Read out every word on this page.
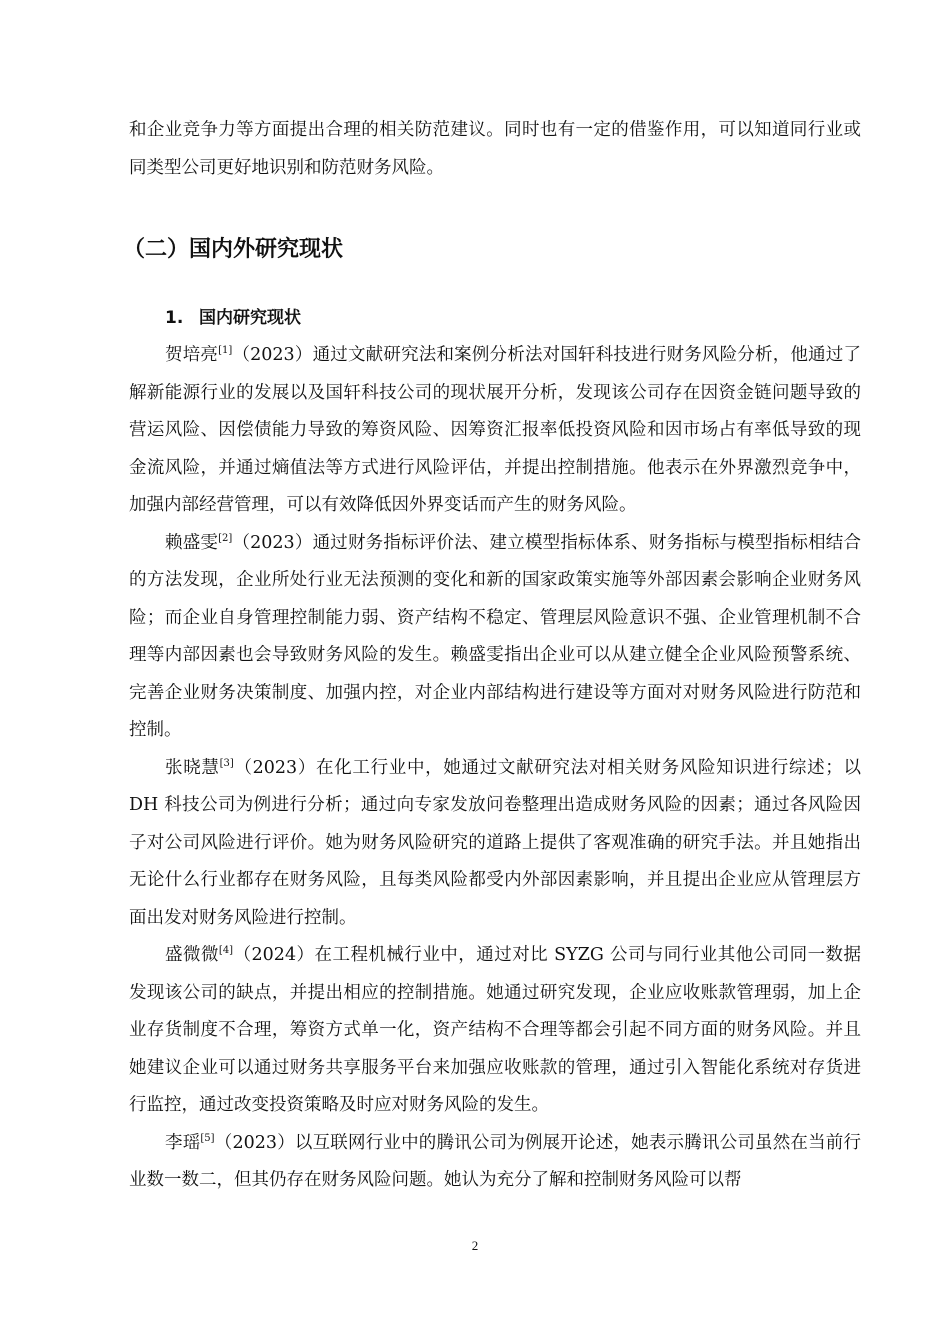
和企业竞争力等方面提出合理的相关防范建议。同时也有一定的借鉴作用，可以知道同行业或同类型公司更好地识别和防范财务风险。

（二）国内外研究现状
1. 国内研究现状

贺培亮[1]（2023）通过文献研究法和案例分析法对国轩科技进行财务风险分析，他通过了解新能源行业的发展以及国轩科技公司的现状展开分析，发现该公司存在因资金链问题导致的营运风险、因偿债能力导致的筹资风险、因筹资汇报率低投资风险和因市场占有率低导致的现金流风险，并通过熵值法等方式进行风险评估，并提出控制措施。他表示在外界激烈竞争中，加强内部经营管理，可以有效降低因外界变话而产生的财务风险。

赖盛雯[2]（2023）通过财务指标评价法、建立模型指标体系、财务指标与模型指标相结合的方法发现，企业所处行业无法预测的变化和新的国家政策实施等外部因素会影响企业财务风险；而企业自身管理控制能力弱、资产结构不稳定、管理层风险意识不强、企业管理机制不合理等内部因素也会导致财务风险的发生。赖盛雯指出企业可以从建立健全企业风险预警系统、完善企业财务决策制度、加强内控，对企业内部结构进行建设等方面对对财务风险进行防范和控制。

张晓慧[3]（2023）在化工行业中，她通过文献研究法对相关财务风险知识进行综述；以 DH 科技公司为例进行分析；通过向专家发放问卷整理出造成财务风险的因素；通过各风险因子对公司风险进行评价。她为财务风险研究的道路上提供了客观准确的研究手法。并且她指出无论什么行业都存在财务风险，且每类风险都受内外部因素影响，并且提出企业应从管理层方面出发对财务风险进行控制。

盛微微[4]（2024）在工程机械行业中，通过对比 SYZG 公司与同行业其他公司同一数据发现该公司的缺点，并提出相应的控制措施。她通过研究发现，企业应收账款管理弱，加上企业存货制度不合理，筹资方式单一化，资产结构不合理等都会引起不同方面的财务风险。并且她建议企业可以通过财务共享服务平台来加强应收账款的管理，通过引入智能化系统对存货进行监控，通过改变投资策略及时应对财务风险的发生。

李瑶[5]（2023）以互联网行业中的腾讯公司为例展开论述，她表示腾讯公司虽然在当前行业数一数二，但其仍存在财务风险问题。她认为充分了解和控制财务风险可以帮

2
